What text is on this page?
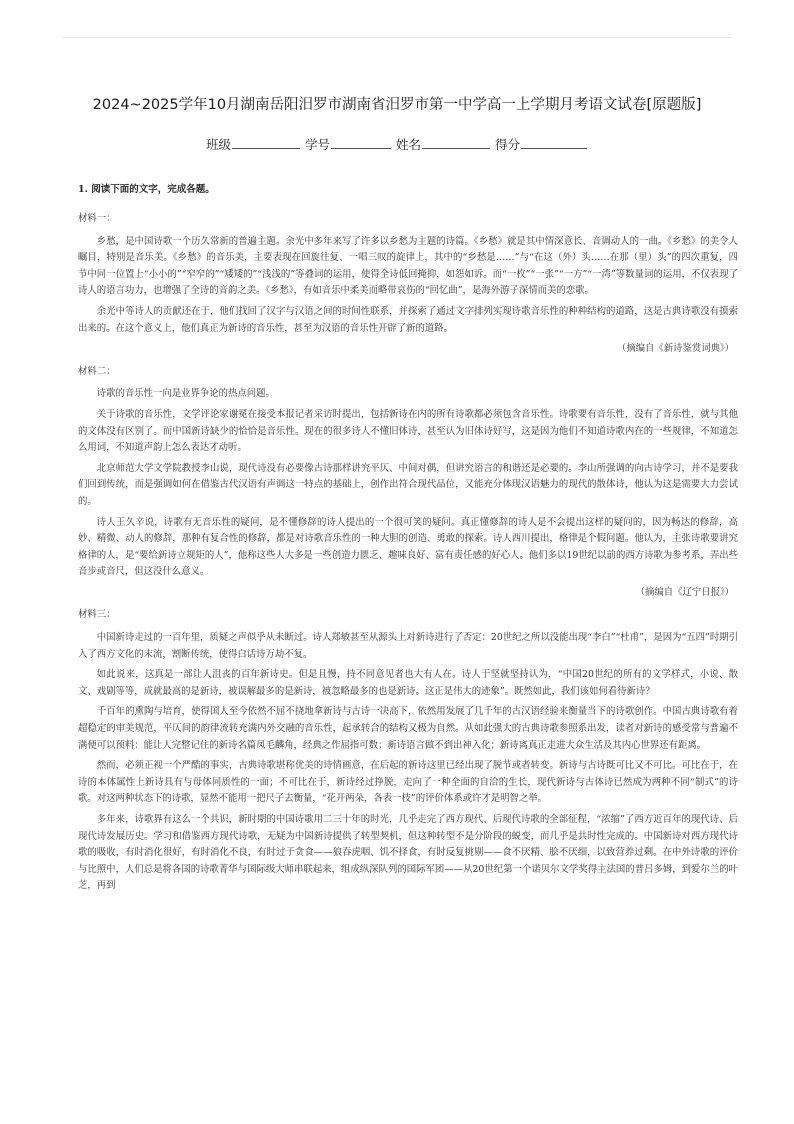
2024~2025学年10月湖南岳阳汨罗市湖南省汨罗市第一中学高一上学期月考语文试卷[原题版]
班级	学号	姓名	得分
1. 阅读下面的文字，完成各题。

材料一：

乡愁，是中国诗歌一个历久常新的普遍主题。余光中多年来写了许多以乡愁为主题的诗篇。《乡愁》就是其中情深意长、音调动人的一曲。《乡愁》的美令人瞩目，特别是音乐美。《乡愁》的音乐美，主要表现在回旋往复、一唱三叹的旋律上，其中的“乡愁是……”与“在这（外）头……在那（里）头”的四次重复，四节中同一位置上“小小的”“窄窄的”“矮矮的”“浅浅的”等叠词的运用，使得全诗低回掩抑，如怨如诉。而“一枚”“一张”“一方”“一湾”等数量词的运用，不仅表现了诗人的语言功力，也增强了全诗的音韵之美。《乡愁》，有如音乐中柔美而略带哀伤的“回忆曲”，是海外游子深情而美的恋歌。

余光中等诗人的贡献还在于，他们找回了汉字与汉语之间的时间性联系，并探索了通过文字排列实现诗歌音乐性的种种结构的道路，这是古典诗歌没有摸索出来的。在这个意义上，他们真正为新诗的音乐性，甚至为汉语的音乐性开辟了新的道路。

（摘编自《新诗鉴赏词典》）

材料二：

诗歌的音乐性一向是业界争论的热点问题。

关于诗歌的音乐性，文学评论家谢冕在接受本报记者采访时提出，包括新诗在内的所有诗歌都必须包含音乐性。诗歌要有音乐性，没有了音乐性，就与其他的文体没有区别了。而中国新诗缺少的恰恰是音乐性。现在的很多诗人不懂旧体诗，甚至认为旧体诗好写，这是因为他们不知道诗歌内在的一些规律，不知道怎么用词，不知道声韵上怎么表达才动听。

北京师范大学文学院教授李山说，现代诗没有必要像古诗那样讲究平仄、中间对偶，但讲究语言的和谐还是必要的。李山所强调的向古诗学习，并不是要我们回到传统，而是强调如何在借鉴古代汉语有声调这一特点的基础上，创作出符合现代品位，又能充分体现汉语魅力的现代的散体诗，他认为这是需要大力尝试的。

诗人王久辛说，诗歌有无音乐性的疑问，是不懂修辞的诗人提出的一个很可笑的疑问。真正懂修辞的诗人是不会提出这样的疑问的，因为畅达的修辞，高妙、精微、动人的修辞，那种有复合性的修辞，都是对诗歌音乐性的一种大胆的创造、勇敢的探索。诗人西川提出，格律是个假问题。他认为，主张诗歌要讲究格律的人，是“要给新诗立规矩的人”，他称这些人大多是一些创造力匮乏、趣味良好、富有责任感的好心人。他们多以19世纪以前的西方诗歌为参考系，弄出些音步或音尺，但这没什么意义。

（摘编自《辽宁日报》）

材料三：

中国新诗走过的一百年里，质疑之声似乎从未断过。诗人郑敏甚至从源头上对新诗进行了否定：20世纪之所以没能出现“李白”“杜甫”，是因为“五四”时期引入了西方文化的末流，割断传统，使得白话诗万劫不复。

如此说来，这真是一部让人沮丧的百年新诗史。但是且慢，持不同意见者也大有人在。诗人于坚就坚持认为，“中国20世纪的所有的文学样式，小说、散文、戏剧等等，成就最高的是新诗，被误解最多的是新诗，被忽略最多的也是新诗。这正是伟大的迹象”。既然如此，我们该如何看待新诗？

千百年的熏陶与培育，使得国人至今依然不屈不挠地拿新诗与古诗一决高下，依然用发展了几千年的古汉语经验来衡量当下的诗歌创作。中国古典诗歌有着超稳定的审美规范，平仄间的韵律流转充满内外交融的音乐性，起承转合的结构又极为自然。从如此强大的古典诗歌参照系出发，读者对新诗的感受常与普遍不满便可以预料：能让人完整记住的新诗名篇凤毛麟角，经典之作屈指可数；新诗语言做不到出神入化；新诗离真正走进大众生活及其内心世界还有距离。

然而，必须正视一个严酷的事实，古典诗歌堪称优美的诗情画意，在后起的新诗这里已经出现了脱节或者转变。新诗与古诗既可比又不可比。可比在于，在诗的本体属性上新诗具有与母体同质性的一面；不可比在于，新诗经过挣脱，走向了一种全面的自洽的生长，现代新诗与古体诗已然成为两种不同“制式”的诗歌。对这两种状态下的诗歌，显然不能用一把尺子去衡量，“花开两朵，各表一枝”的评价体系或许才是明智之举。

多年来，诗歌界有这么一个共识，新时期的中国诗歌用二三十年的时光，几乎走完了西方现代、后现代诗歌的全部征程，“浓缩”了西方近百年的现代诗、后现代诗发展历史。学习和借鉴西方现代诗歌，无疑为中国新诗提供了转型契机，但这种转型不是分阶段的蜕变，而几乎是共时性完成的。中国新诗对西方现代诗歌的吸收，有时消化很好，有时消化不良，有时过于贪食——狼吞虎咽、饥不择食，有时反复挑剔——食不厌精、脍不厌细，以致营养过剩。在中外诗歌的评价与比照中，人们总是将各国的诗歌菁华与国际级大师串联起来，组成纵深队列的国际军团——从20世纪第一个诺贝尔文学奖得主法国的普吕多姆，到爱尔兰的叶芝，再到
